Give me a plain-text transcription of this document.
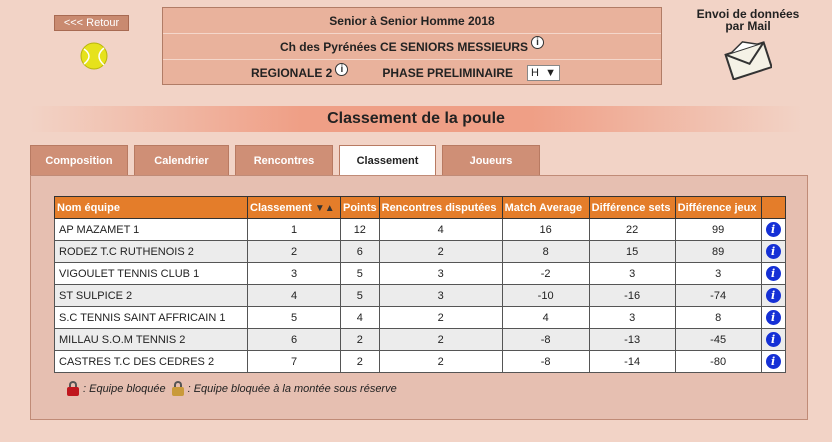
<<< Retour	Senior à Senior Homme 2018
Ch des Pyrénées CE SENIORS MESSIEURS i
REGIONALE 2 i	PHASE PRELIMINAIRE H ▼
Envoi de données
par Mail
Classement de la poule
Composition	Calendrier	Rencontres	Classement	Joueurs
Nom équipe	Classement ▼▲	Points	Rencontres disputées	Match Average	Différence sets	Différence jeux	
AP MAZAMET 1	1	12	4	16	22	99	i
RODEZ T.C RUTHENOIS 2	2	6	2	8	15	89	i
VIGOULET TENNIS CLUB 1	3	5	3	-2	3	3	i
ST SULPICE 2	4	5	3	-10	-16	-74	i
S.C TENNIS SAINT AFFRICAIN 1	5	4	2	4	3	8	i
MILLAU S.O.M TENNIS 2	6	2	2	-8	-13	-45	i
CASTRES T.C DES CEDRES 2	7	2	2	-8	-14	-80	i
: Equipe bloquée : Equipe bloquée à la montée sous réserve
